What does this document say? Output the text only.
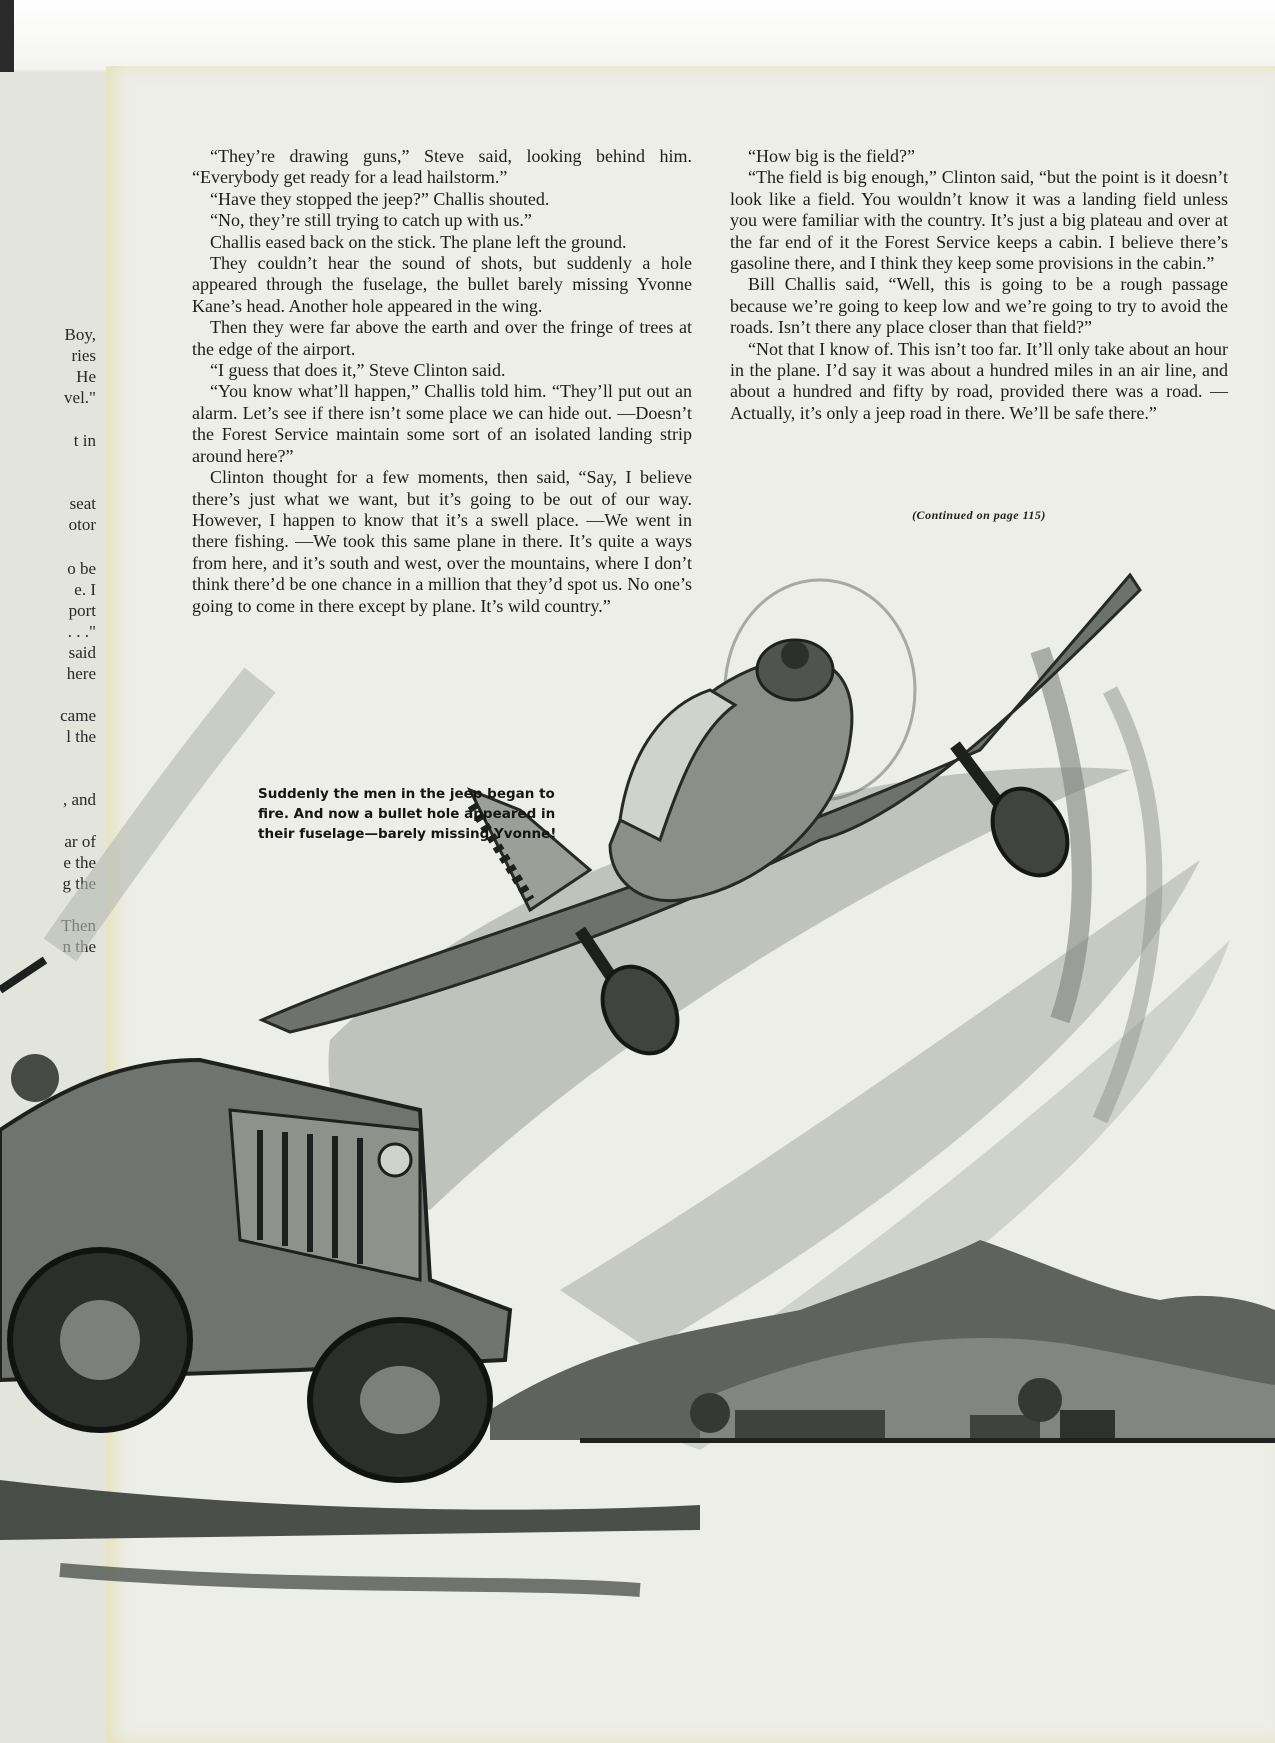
Boy,
ries
He
vel."
t in
seat
otor
o be
e. I
port
. . ."
said
here
came
l the
, and
ar of
e the
g the
Then
n the

“They’re drawing guns,” Steve said, looking behind him. “Everybody get ready for a lead hailstorm.”

“Have they stopped the jeep?” Challis shouted.

“No, they’re still trying to catch up with us.”

Challis eased back on the stick. The plane left the ground.

They couldn’t hear the sound of shots, but suddenly a hole appeared through the fuselage, the bullet barely missing Yvonne Kane’s head. Another hole appeared in the wing.

Then they were far above the earth and over the fringe of trees at the edge of the airport.

“I guess that does it,” Steve Clinton said.

“You know what’ll happen,” Challis told him. “They’ll put out an alarm. Let’s see if there isn’t some place we can hide out. —Doesn’t the Forest Service maintain some sort of an isolated landing strip around here?”

Clinton thought for a few moments, then said, “Say, I believe there’s just what we want, but it’s going to be out of our way. However, I happen to know that it’s a swell place. —We went in there fishing. —We took this same plane in there. It’s quite a ways from here, and it’s south and west, over the mountains, where I don’t think there’d be one chance in a million that they’d spot us. No one’s going to come in there except by plane. It’s wild country.”

“How big is the field?”

“The field is big enough,” Clinton said, “but the point is it doesn’t look like a field. You wouldn’t know it was a landing field unless you were familiar with the country. It’s just a big plateau and over at the far end of it the Forest Service keeps a cabin. I believe there’s gasoline there, and I think they keep some provisions in the cabin.”

Bill Challis said, “Well, this is going to be a rough passage because we’re going to keep low and we’re going to try to avoid the roads. Isn’t there any place closer than that field?”

“Not that I know of. This isn’t too far. It’ll only take about an hour in the plane. I’d say it was about a hundred miles in an air line, and about a hundred and fifty by road, provided there was a road. —Actually, it’s only a jeep road in there. We’ll be safe there.”

(Continued on page 115)
Suddenly the men in the jeep began to fire. And now a bullet hole appeared in their fuselage—barely missing Yvonne!
